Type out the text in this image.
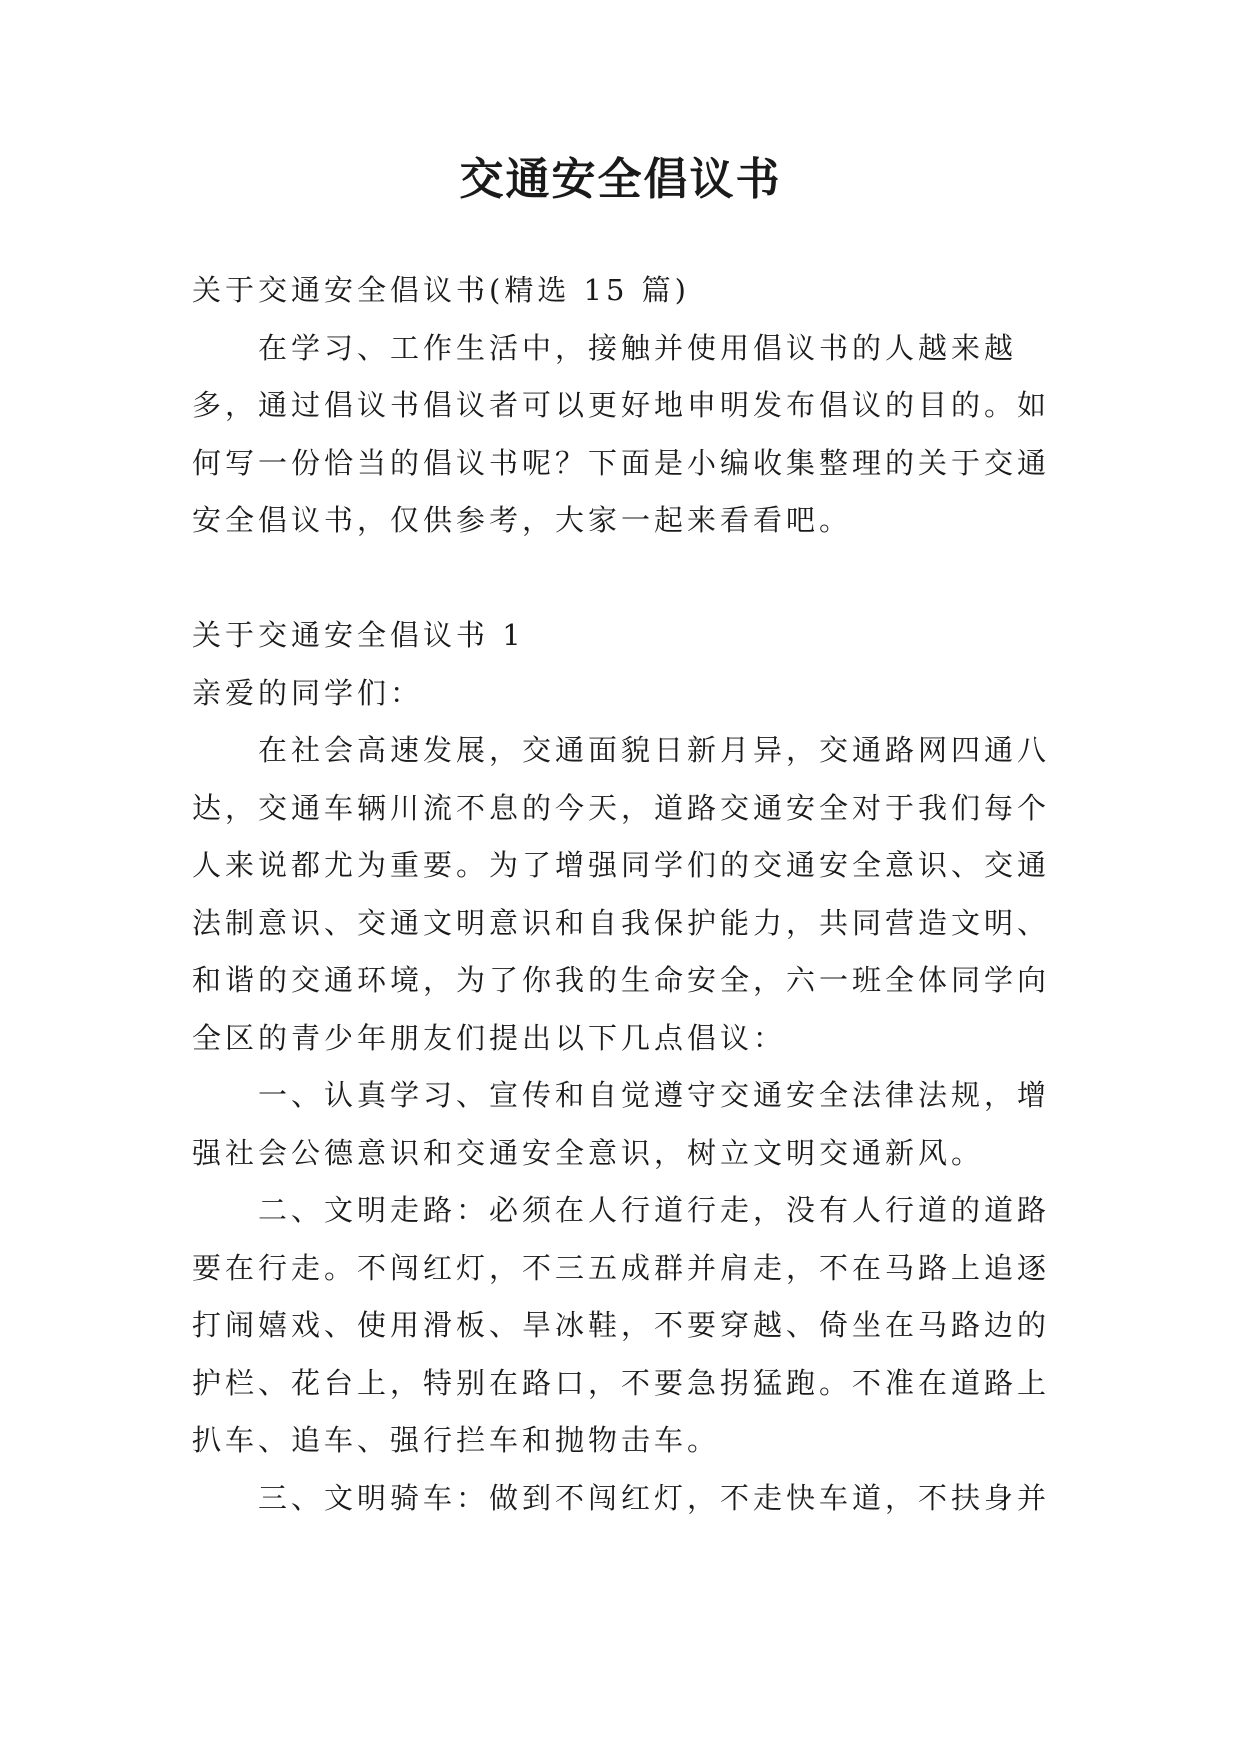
交通安全倡议书

关于交通安全倡议书(精选 15 篇)

在学习、工作生活中，接触并使用倡议书的人越来越多，通过倡议书倡议者可以更好地申明发布倡议的目的。如何写一份恰当的倡议书呢？下面是小编收集整理的关于交通安全倡议书，仅供参考，大家一起来看看吧。

关于交通安全倡议书 1

亲爱的同学们：

在社会高速发展，交通面貌日新月异，交通路网四通八达，交通车辆川流不息的今天，道路交通安全对于我们每个人来说都尤为重要。为了增强同学们的交通安全意识、交通法制意识、交通文明意识和自我保护能力，共同营造文明、和谐的交通环境，为了你我的生命安全，六一班全体同学向全区的青少年朋友们提出以下几点倡议：

一、认真学习、宣传和自觉遵守交通安全法律法规，增强社会公德意识和交通安全意识，树立文明交通新风。

二、文明走路：必须在人行道行走，没有人行道的道路要在行走。不闯红灯，不三五成群并肩走，不在马路上追逐打闹嬉戏、使用滑板、旱冰鞋，不要穿越、倚坐在马路边的护栏、花台上，特别在路口，不要急拐猛跑。不准在道路上扒车、追车、强行拦车和抛物击车。

三、文明骑车：做到不闯红灯，不走快车道，不扶身并
